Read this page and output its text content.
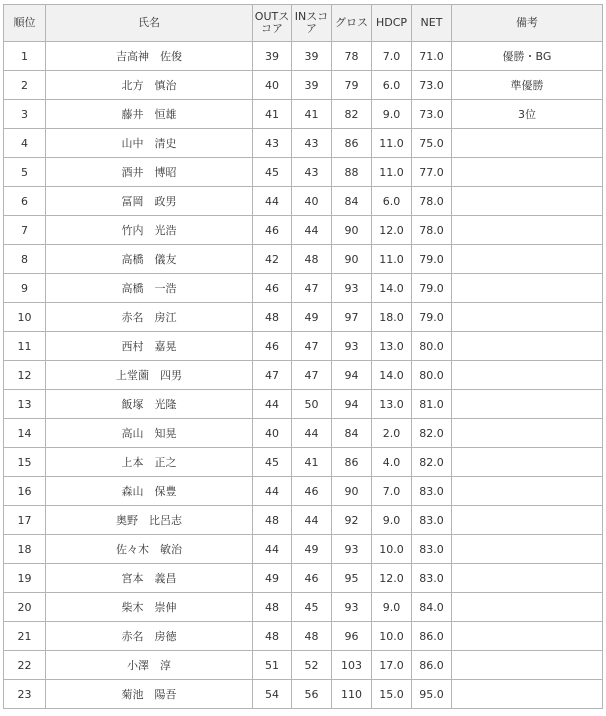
順位	氏名	OUTスコア	INスコア	グロス	HDCP	NET	備考
1	吉高神　佐俊	39	39	78	7.0	71.0	優勝・BG
2	北方　慎治	40	39	79	6.0	73.0	準優勝
3	藤井　恒雄	41	41	82	9.0	73.0	3位
4	山中　清史	43	43	86	11.0	75.0	
5	酒井　博昭	45	43	88	11.0	77.0	
6	冨岡　政男	44	40	84	6.0	78.0	
7	竹内　光浩	46	44	90	12.0	78.0	
8	高橋　儀友	42	48	90	11.0	79.0	
9	高橋　一浩	46	47	93	14.0	79.0	
10	赤名　房江	48	49	97	18.0	79.0	
11	西村　嘉晃	46	47	93	13.0	80.0	
12	上堂薗　四男	47	47	94	14.0	80.0	
13	飯塚　光隆	44	50	94	13.0	81.0	
14	高山　知晃	40	44	84	2.0	82.0	
15	上本　正之	45	41	86	4.0	82.0	
16	森山　保豊	44	46	90	7.0	83.0	
17	奥野　比呂志	48	44	92	9.0	83.0	
18	佐々木　敏治	44	49	93	10.0	83.0	
19	宮本　義昌	49	46	95	12.0	83.0	
20	柴木　崇伸	48	45	93	9.0	84.0	
21	赤名　房徳	48	48	96	10.0	86.0	
22	小澤　淳	51	52	103	17.0	86.0	
23	菊池　陽吾	54	56	110	15.0	95.0	
